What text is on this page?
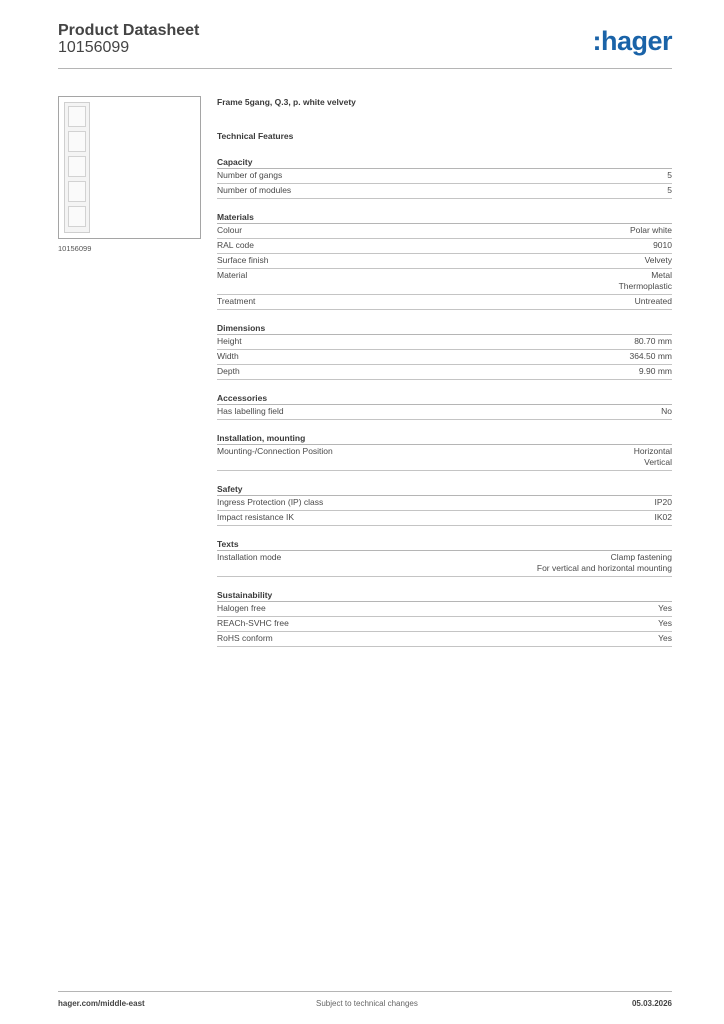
Product Datasheet
10156099	:hager
10156099
Frame 5gang, Q.3, p. white velvety
Technical Features
Capacity
Number of gangs	5
Number of modules	5
Materials
Colour	Polar white
RAL code	9010
Surface finish	Velvety
Material	Metal
Thermoplastic
Treatment	Untreated
Dimensions
Height	80.70 mm
Width	364.50 mm
Depth	9.90 mm
Accessories
Has labelling field	No
Installation, mounting
Mounting-/Connection Position	Horizontal
Vertical
Safety
Ingress Protection (IP) class	IP20
Impact resistance IK	IK02
Texts
Installation mode	Clamp fastening
For vertical and horizontal mounting
Sustainability
Halogen free	Yes
REACh-SVHC free	Yes
RoHS conform	Yes
hager.com/middle-east	Subject to technical changes	05.03.2026
